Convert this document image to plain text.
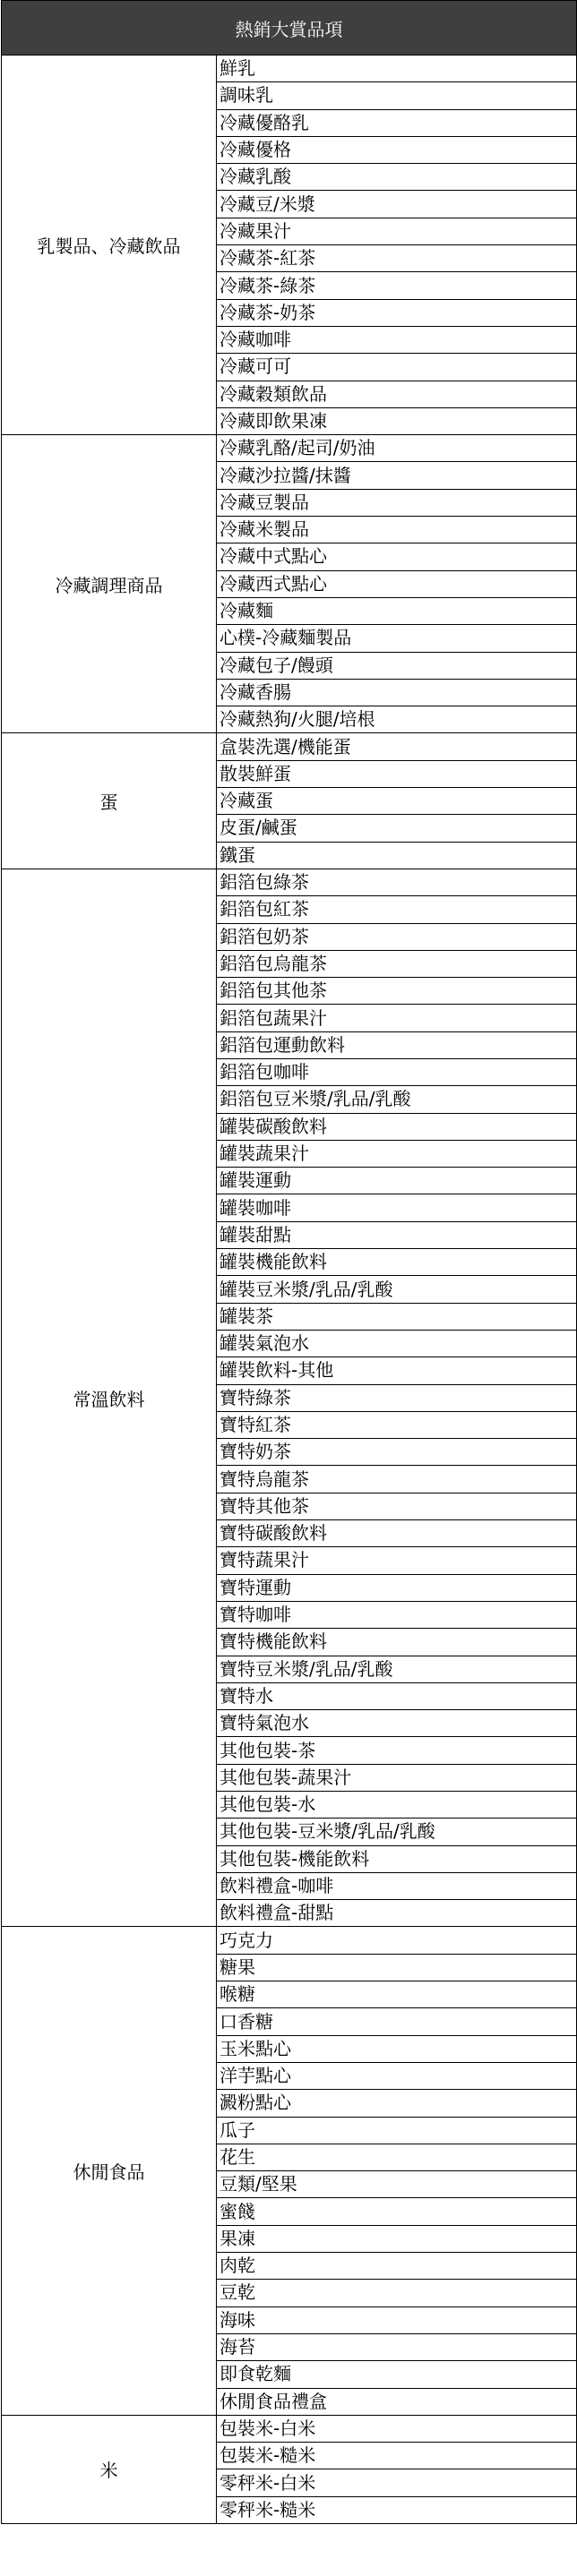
熱銷大賞品項	
乳製品、冷藏飲品	鮮乳
	調味乳
	冷藏優酪乳
	冷藏優格
	冷藏乳酸
	冷藏豆/米漿
	冷藏果汁
	冷藏茶-紅茶
	冷藏茶-綠茶
	冷藏茶-奶茶
	冷藏咖啡
	冷藏可可
	冷藏穀類飲品
	冷藏即飲果凍
冷藏調理商品	冷藏乳酪/起司/奶油
	冷藏沙拉醬/抹醬
	冷藏豆製品
	冷藏米製品
	冷藏中式點心
	冷藏西式點心
	冷藏麵
	心樸-冷藏麵製品
	冷藏包子/饅頭
	冷藏香腸
	冷藏熱狗/火腿/培根
蛋	盒裝洗選/機能蛋
	散裝鮮蛋
	冷藏蛋
	皮蛋/鹹蛋
	鐵蛋
常溫飲料	鋁箔包綠茶
	鋁箔包紅茶
	鋁箔包奶茶
	鋁箔包烏龍茶
	鋁箔包其他茶
	鋁箔包蔬果汁
	鋁箔包運動飲料
	鋁箔包咖啡
	鋁箔包豆米漿/乳品/乳酸
	罐裝碳酸飲料
	罐裝蔬果汁
	罐裝運動
	罐裝咖啡
	罐裝甜點
	罐裝機能飲料
	罐裝豆米漿/乳品/乳酸
	罐裝茶
	罐裝氣泡水
	罐裝飲料-其他
	寶特綠茶
	寶特紅茶
	寶特奶茶
	寶特烏龍茶
	寶特其他茶
	寶特碳酸飲料
	寶特蔬果汁
	寶特運動
	寶特咖啡
	寶特機能飲料
	寶特豆米漿/乳品/乳酸
	寶特水
	寶特氣泡水
	其他包裝-茶
	其他包裝-蔬果汁
	其他包裝-水
	其他包裝-豆米漿/乳品/乳酸
	其他包裝-機能飲料
	飲料禮盒-咖啡
	飲料禮盒-甜點
休閒食品	巧克力
	糖果
	喉糖
	口香糖
	玉米點心
	洋芋點心
	澱粉點心
	瓜子
	花生
	豆類/堅果
	蜜餞
	果凍
	肉乾
	豆乾
	海味
	海苔
	即食乾麵
	休閒食品禮盒
米	包裝米-白米
	包裝米-糙米
	零秤米-白米
	零秤米-糙米
